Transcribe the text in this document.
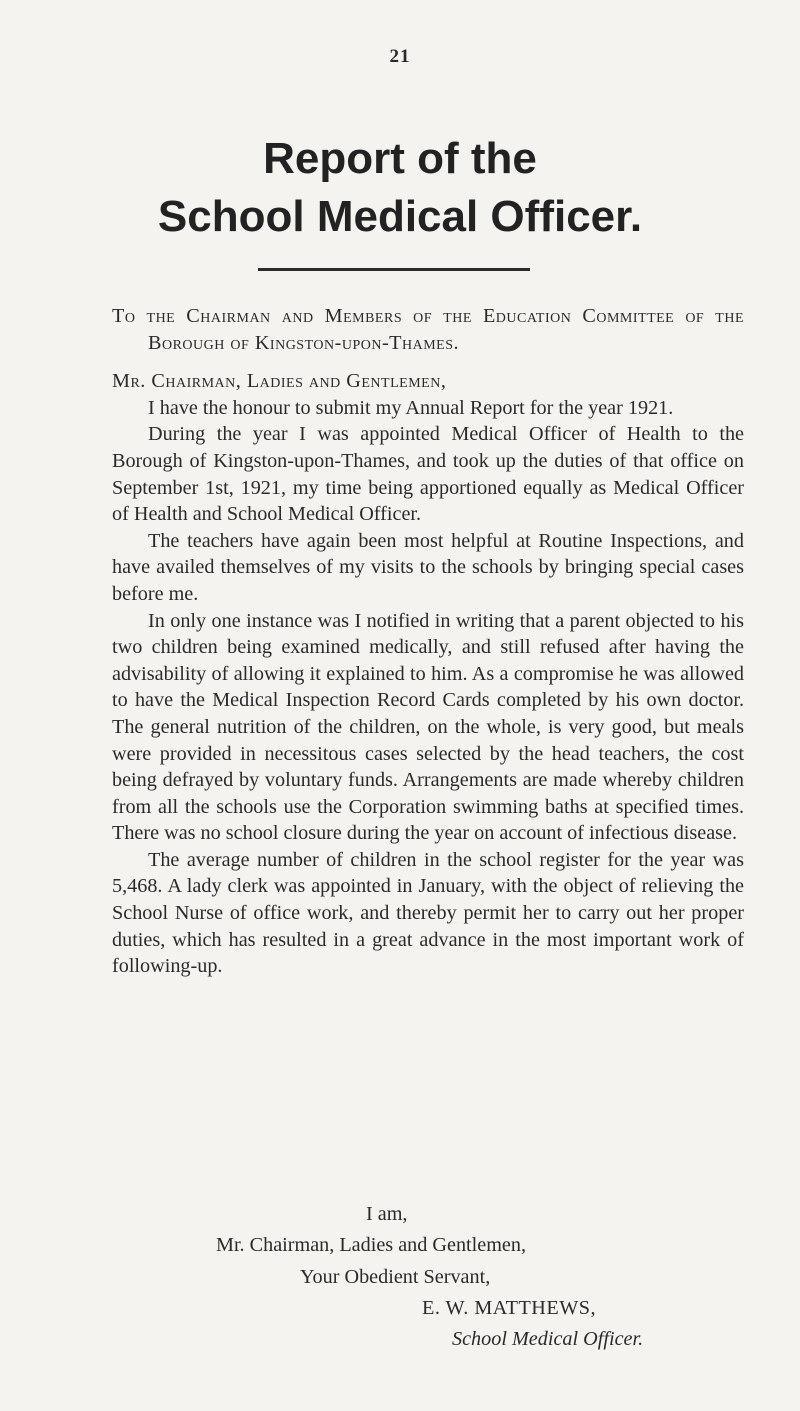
21
Report of the
School Medical Officer.

To the Chairman and Members of the Education Committee of the Borough of Kingston-upon-Thames.

Mr. Chairman, Ladies and Gentlemen,

I have the honour to submit my Annual Report for the year 1921.

During the year I was appointed Medical Officer of Health to the Borough of Kingston-upon-Thames, and took up the duties of that office on September 1st, 1921, my time being apportioned equally as Medical Officer of Health and School Medical Officer.

The teachers have again been most helpful at Routine Inspections, and have availed themselves of my visits to the schools by bringing special cases before me.

In only one instance was I notified in writing that a parent objected to his two children being examined medically, and still refused after having the advisability of allowing it explained to him. As a compromise he was allowed to have the Medical Inspection Record Cards completed by his own doctor. The general nutrition of the children, on the whole, is very good, but meals were provided in necessitous cases selected by the head teachers, the cost being defrayed by voluntary funds. Arrangements are made whereby children from all the schools use the Corporation swimming baths at specified times. There was no school closure during the year on account of infectious disease.

The average number of children in the school register for the year was 5,468. A lady clerk was appointed in January, with the object of relieving the School Nurse of office work, and thereby permit her to carry out her proper duties, which has resulted in a great advance in the most important work of following-up.

I am,
Mr. Chairman, Ladies and Gentlemen,
Your Obedient Servant,
E. W. MATTHEWS,
School Medical Officer.
